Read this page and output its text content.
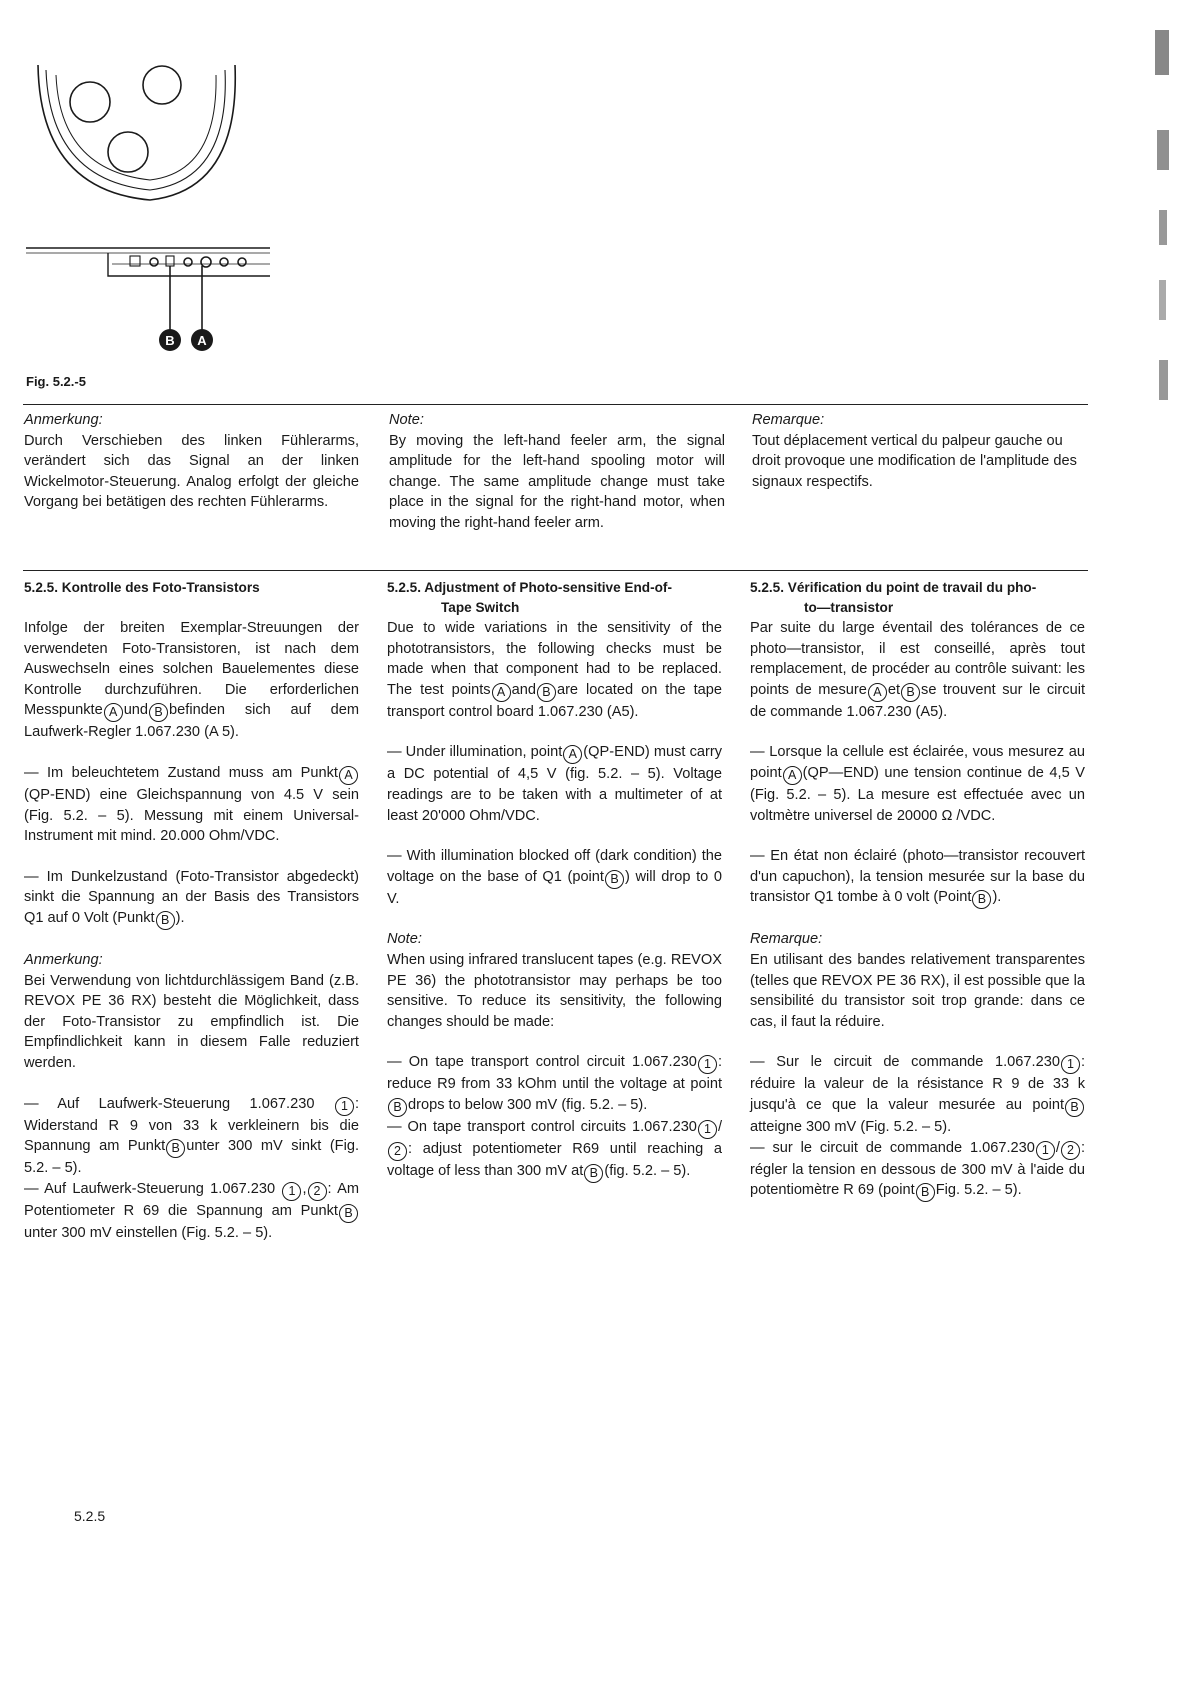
B A
Fig. 5.2.-5

Anmerkung:

Durch Verschieben des linken Fühlerarms, verändert sich das Signal an der linken Wickelmotor-Steuerung. Analog erfolgt der gleiche Vorgang bei betätigen des rechten Fühlerarms.

Note:

By moving the left-hand feeler arm, the signal amplitude for the left-hand spooling motor will change. The same amplitude change must take place in the signal for the right-hand motor, when moving the right-hand feeler arm.

Remarque:

Tout déplacement vertical du palpeur gauche ou droit provoque une modification de l'amplitude des signaux respectifs.

5.2.5. Kontrolle des Foto-Transistors

Infolge der breiten Exemplar-Streuungen der verwendeten Foto-Transistoren, ist nach dem Auswechseln eines solchen Bauelementes diese Kontrolle durchzuführen. Die erforderlichen Messpunkte A und B befinden sich auf dem Laufwerk-Regler 1.067.230 (A 5).

— Im beleuchtetem Zustand muss am Punkt A(QP-END) eine Gleichspannung von 4.5 V sein (Fig. 5.2. – 5). Messung mit einem Universal-Instrument mit mind. 20.000 Ohm/VDC.

— Im Dunkelzustand (Foto-Transistor abgedeckt) sinkt die Spannung an der Basis des Transistors Q1 auf 0 Volt (Punkt B ).

Anmerkung:

Bei Verwendung von lichtdurchlässigem Band (z.B. REVOX PE 36 RX) besteht die Möglichkeit, dass der Foto-Transistor zu empfindlich ist. Die Empfindlichkeit kann in diesem Falle reduziert werden.

— Auf Laufwerk-Steuerung 1.067.230 1 : Widerstand R 9 von 33 k verkleinern bis die Spannung am Punkt B unter 300 mV sinkt (Fig. 5.2. – 5).

— Auf Laufwerk-Steuerung 1.067.230 1 , 2 : Am Potentiometer R 69 die Spannung am Punkt Bunter 300 mV einstellen (Fig. 5.2. – 5).

5.2.5. Adjustment of Photo-sensitive End-of-
Tape Switch

Due to wide variations in the sensitivity of the phototransistors, the following checks must be made when that component had to be replaced. The test points A and B are located on the tape transport control board 1.067.230 (A5).

— Under illumination, point A (QP-END) must carry a DC potential of 4,5 V (fig. 5.2. – 5). Voltage readings are to be taken with a multimeter of at least 20'000 Ohm/VDC.

— With illumination blocked off (dark condition) the voltage on the base of Q1 (point B ) will drop to 0 V.

Note:

When using infrared translucent tapes (e.g. REVOX PE 36) the phototransistor may perhaps be too sensitive. To reduce its sensitivity, the following changes should be made:

— On tape transport control circuit 1.067.230 1 : reduce R9 from 33 kOhm until the voltage at pointB drops to below 300 mV (fig. 5.2. – 5).

— On tape transport control circuits 1.067.230 1 /2 : adjust potentiometer R69 until reaching a voltage of less than 300 mV at B (fig. 5.2. – 5).

5.2.5. Vérification du point de travail du pho-
to—transistor

Par suite du large éventail des tolérances de ce photo—transistor, il est conseillé, après tout remplacement, de procéder au contrôle suivant: les points de mesure A et B se trouvent sur le circuit de commande 1.067.230 (A5).

— Lorsque la cellule est éclairée, vous mesurez au point A (QP—END) une tension continue de 4,5 V (Fig. 5.2. – 5). La mesure est effectuée avec un voltmètre universel de 20000 Ω /VDC.

— En état non éclairé (photo—transistor recouvert d'un capuchon), la tension mesurée sur la base du transistor Q1 tombe à 0 volt (Point B ).

Remarque:

En utilisant des bandes relativement transparentes (telles que REVOX PE 36 RX), il est possible que la sensibilité du transistor soit trop grande: dans ce cas, il faut la réduire.

— Sur le circuit de commande 1.067.230 1 : réduire la valeur de la résistance R 9 de 33 k jusqu'à ce que la valeur mesurée au point Batteigne 300 mV (Fig. 5.2. – 5).

— sur le circuit de commande 1.067.230 1 / 2 : régler la tension en dessous de 300 mV à l'aide du potentiomètre R 69 (point B Fig. 5.2. – 5).

5.2.5
